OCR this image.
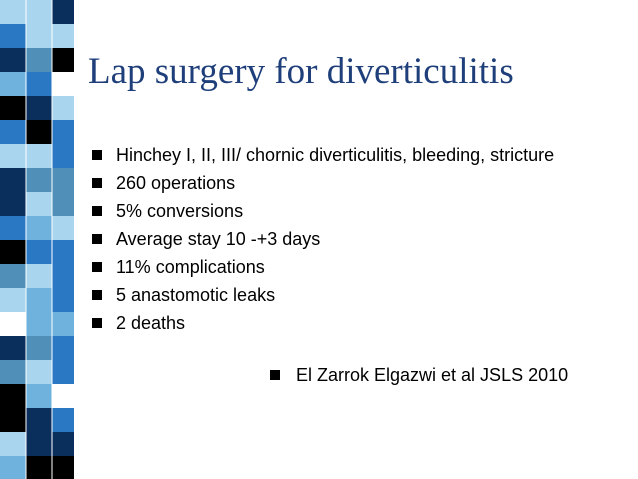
Lap surgery for diverticulitis
Hinchey I, II, III/ chornic diverticulitis, bleeding, stricture
260 operations
5% conversions
Average stay 10 -+3 days
11% complications
5 anastomotic leaks
2 deaths
El Zarrok Elgazwi et al JSLS 2010
